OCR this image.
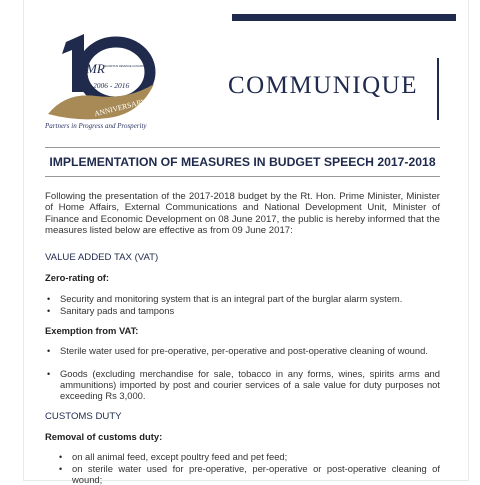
MR MAURITIUS REVENUE AUTHORITY
2006 - 2016
ANNIVERSARY
Partners in Progress and Prosperity
COMMUNIQUE
IMPLEMENTATION OF MEASURES IN BUDGET SPEECH 2017-2018
Following the presentation of the 2017-2018 budget by the Rt. Hon. Prime Minister, Minister of Home Affairs, External Communications and National Development Unit, Minister of Finance and Economic Development on 08 June 2017, the public is hereby informed that the measures listed below are effective as from 09 June 2017:
VALUE ADDED TAX (VAT)
Zero-rating of:
• Security and monitoring system that is an integral part of the burglar alarm system.
• Sanitary pads and tampons
Exemption from VAT:
• Sterile water used for pre-operative, per-operative and post-operative cleaning of wound.
• Goods (excluding merchandise for sale, tobacco in any forms, wines, spirits arms and ammunitions) imported by post and courier services of a sale value for duty purposes not exceeding Rs 3,000.
CUSTOMS DUTY
Removal of customs duty:
• on all animal feed, except poultry feed and pet feed;
• on sterile water used for pre-operative, per-operative or post-operative cleaning of wound;
